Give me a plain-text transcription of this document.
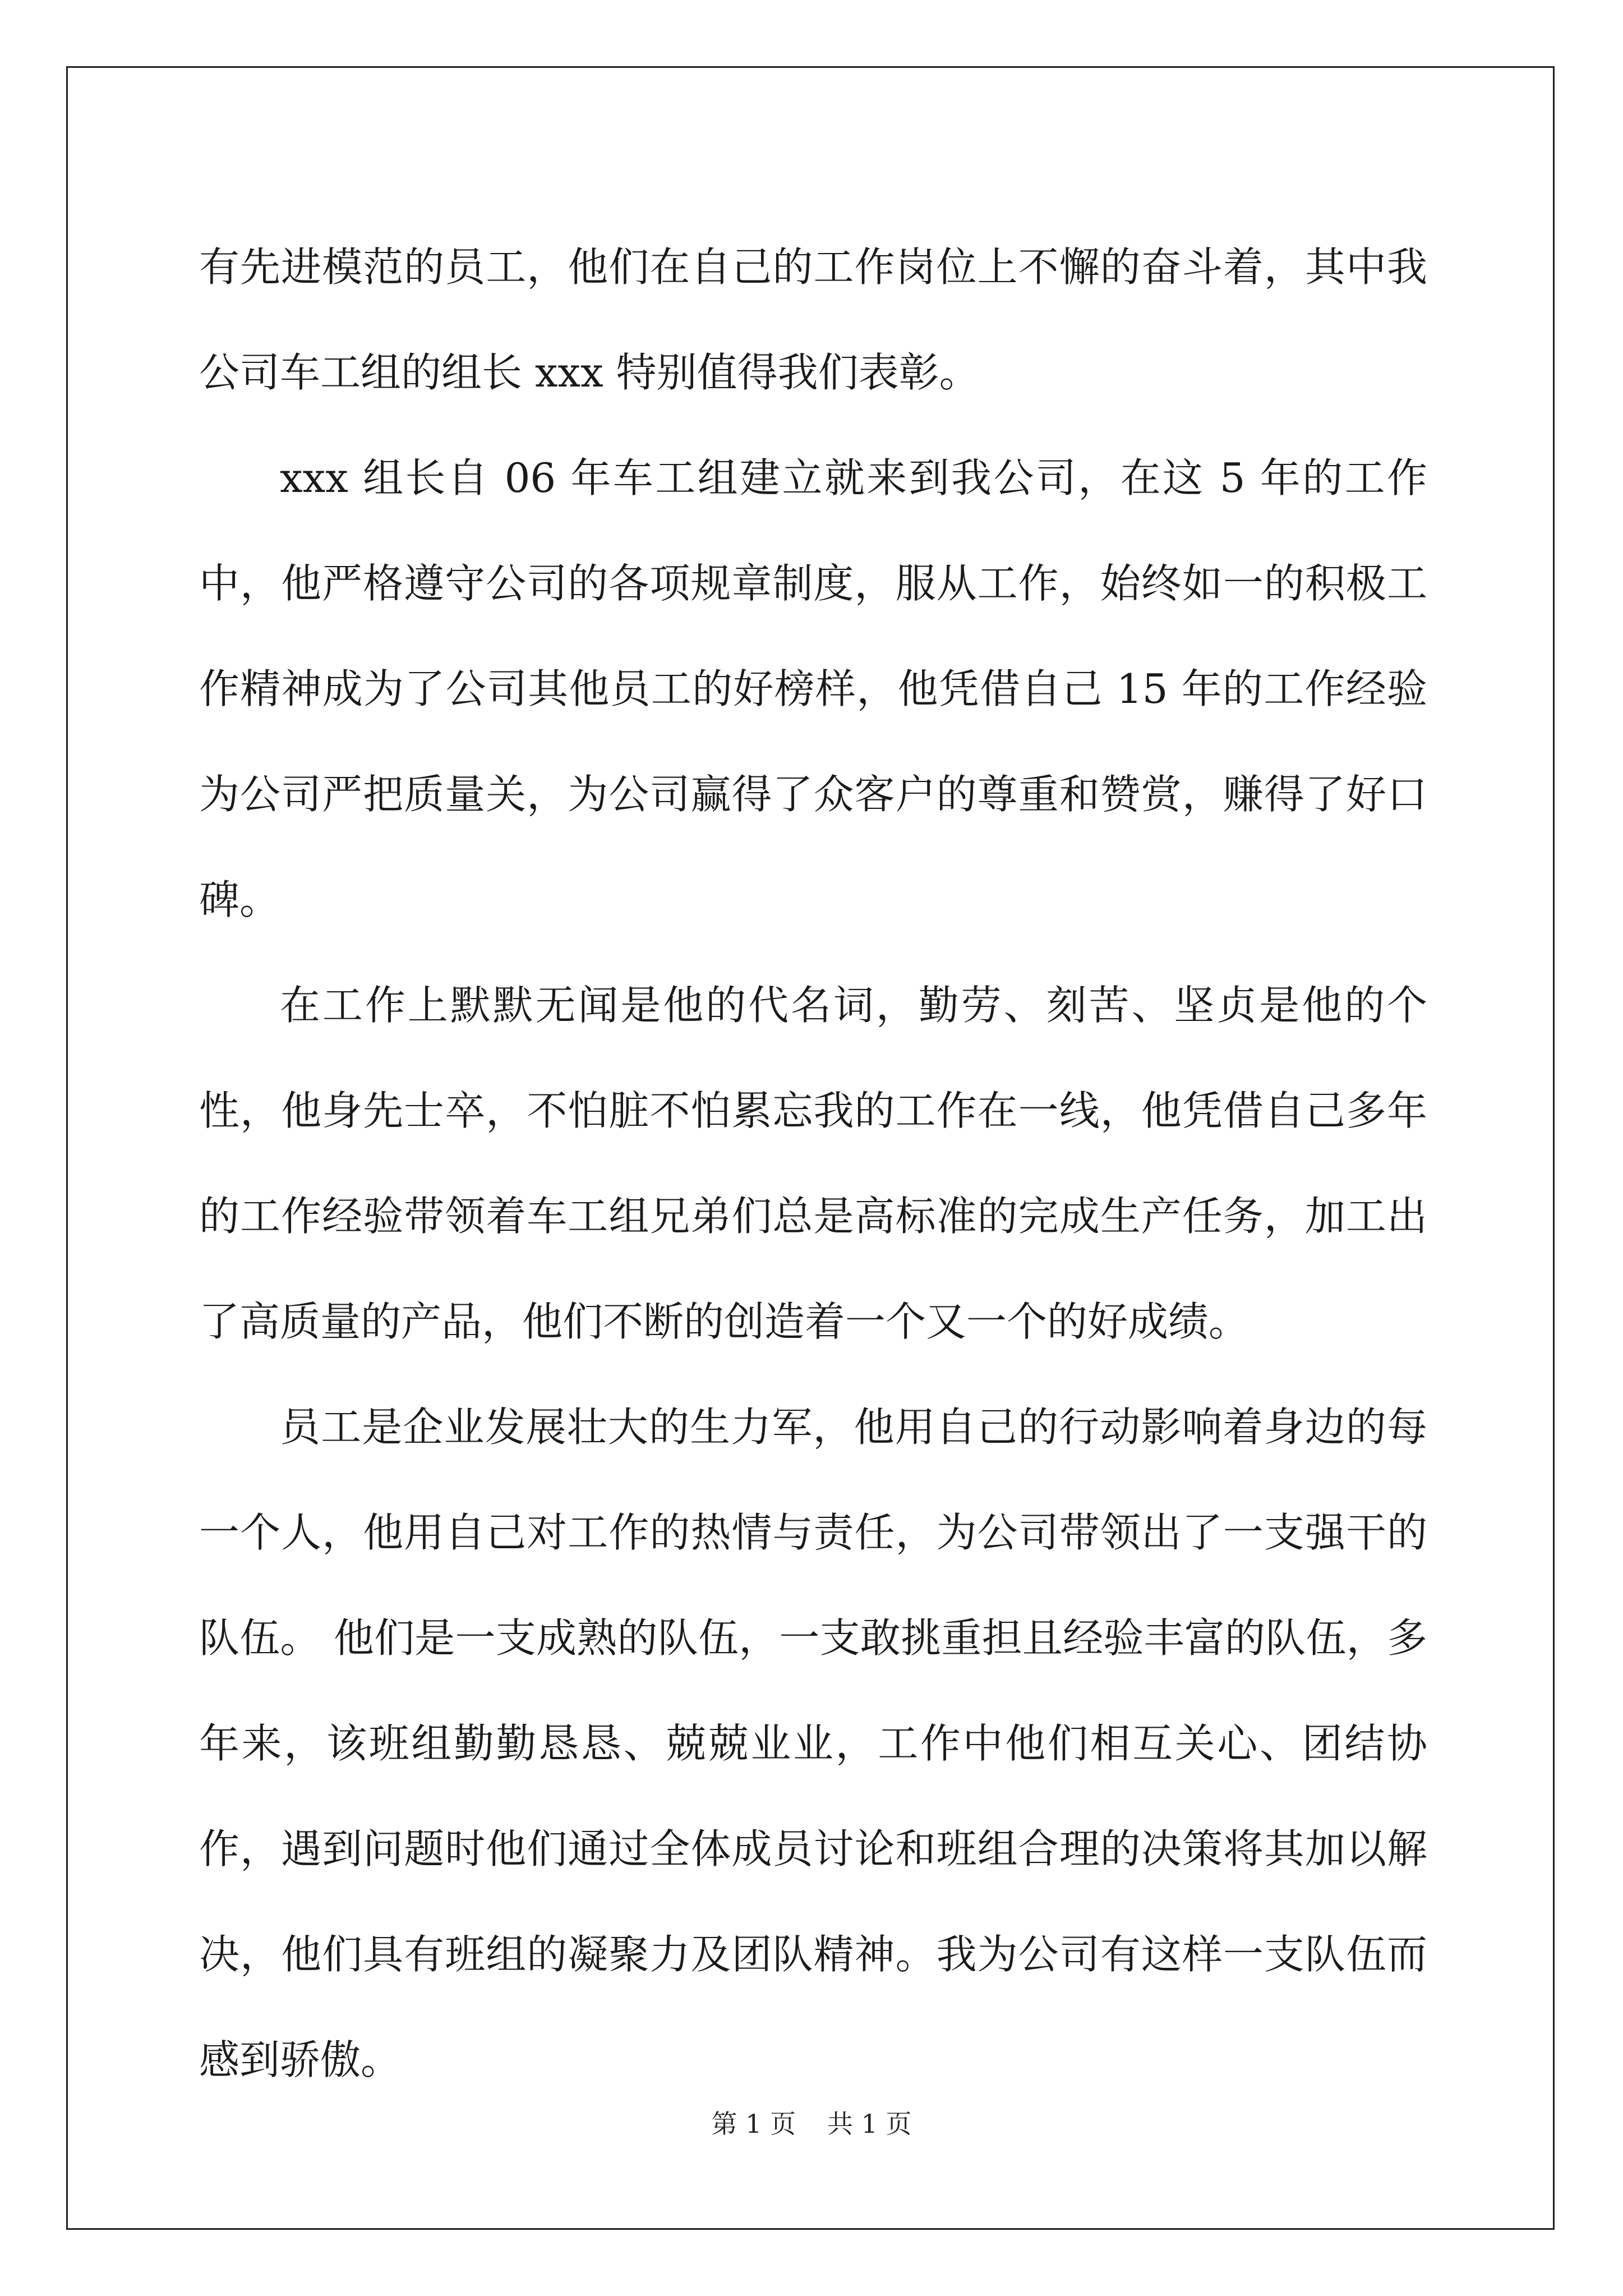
有先进模范的员工，他们在自己的工作岗位上不懈的奋斗着，其中我公司车工组的组长 xxx 特别值得我们表彰。

xxx 组长自 06 年车工组建立就来到我公司，在这 5 年的工作中，他严格遵守公司的各项规章制度，服从工作，始终如一的积极工作精神成为了公司其他员工的好榜样，他凭借自己 15 年的工作经验为公司严把质量关，为公司赢得了众客户的尊重和赞赏，赚得了好口碑。

在工作上默默无闻是他的代名词，勤劳、刻苦、坚贞是他的个性，他身先士卒，不怕脏不怕累忘我的工作在一线，他凭借自己多年的工作经验带领着车工组兄弟们总是高标准的完成生产任务，加工出了高质量的产品，他们不断的创造着一个又一个的好成绩。

员工是企业发展壮大的生力军，他用自己的行动影响着身边的每一个人，他用自己对工作的热情与责任，为公司带领出了一支强干的队伍。 他们是一支成熟的队伍，一支敢挑重担且经验丰富的队伍，多年来，该班组勤勤恳恳、兢兢业业，工作中他们相互关心、团结协作，遇到问题时他们通过全体成员讨论和班组合理的决策将其加以解决，他们具有班组的凝聚力及团队精神。我为公司有这样一支队伍而感到骄傲。

第 1 页 共 1 页
